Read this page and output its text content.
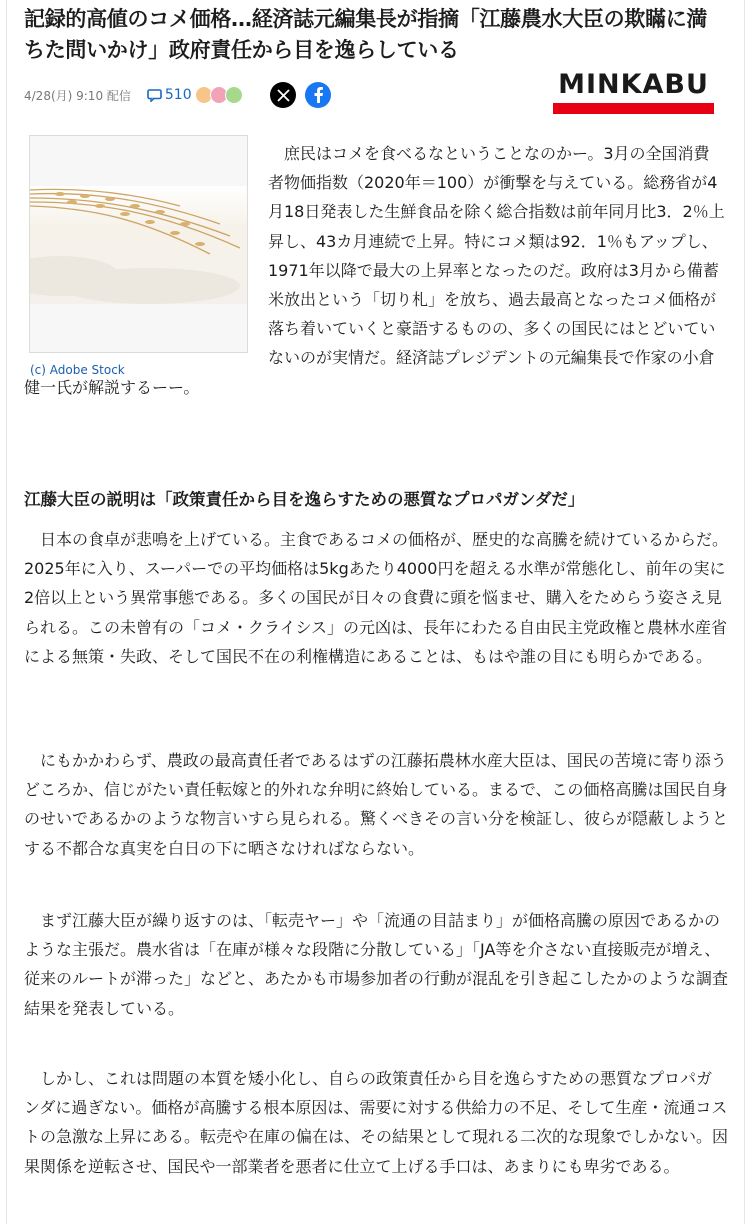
記録的高値のコメ価格…経済誌元編集長が指摘「江藤農水大臣の欺瞞に満ちた問いかけ」政府責任から目を逸らしている
4/28(月) 9:10 配信 510	MINKABU
(c) Adobe Stock
　庶民はコメを食べるなということなのかー。3月の全国消費者物価指数（2020年＝100）が衝撃を与えている。総務省が4月18日発表した生鮮食品を除く総合指数は前年同月比3．2％上昇し、43カ月連続で上昇。特にコメ類は92．1％もアップし、1971年以降で最大の上昇率となったのだ。政府は3月から備蓄米放出という「切り札」を放ち、過去最高となったコメ価格が落ち着いていくと豪語するものの、多くの国民にはとどいていないのが実情だ。経済誌プレジデントの元編集長で作家の小倉健一氏が解説するーー。
江藤大臣の説明は「政策責任から目を逸らすための悪質なプロパガンダだ」

　日本の食卓が悲鳴を上げている。主食であるコメの価格が、歴史的な高騰を続けているからだ。2025年に入り、スーパーでの平均価格は5kgあたり4000円を超える水準が常態化し、前年の実に2倍以上という異常事態である。多くの国民が日々の食費に頭を悩ませ、購入をためらう姿さえ見られる。この未曾有の「コメ・クライシス」の元凶は、長年にわたる自由民主党政権と農林水産省による無策・失政、そして国民不在の利権構造にあることは、もはや誰の目にも明らかである。

　にもかかわらず、農政の最高責任者であるはずの江藤拓農林水産大臣は、国民の苦境に寄り添うどころか、信じがたい責任転嫁と的外れな弁明に終始している。まるで、この価格高騰は国民自身のせいであるかのような物言いすら見られる。驚くべきその言い分を検証し、彼らが隠蔽しようとする不都合な真実を白日の下に晒さなければならない。

　まず江藤大臣が繰り返すのは、「転売ヤー」や「流通の目詰まり」が価格高騰の原因であるかのような主張だ。農水省は「在庫が様々な段階に分散している」「JA等を介さない直接販売が増え、従来のルートが滞った」などと、あたかも市場参加者の行動が混乱を引き起こしたかのような調査結果を発表している。

　しかし、これは問題の本質を矮小化し、自らの政策責任から目を逸らすための悪質なプロパガンダに過ぎない。価格が高騰する根本原因は、需要に対する供給力の不足、そして生産・流通コストの急激な上昇にある。転売や在庫の偏在は、その結果として現れる二次的な現象でしかない。因果関係を逆転させ、国民や一部業者を悪者に仕立て上げる手口は、あまりにも卑劣である。
